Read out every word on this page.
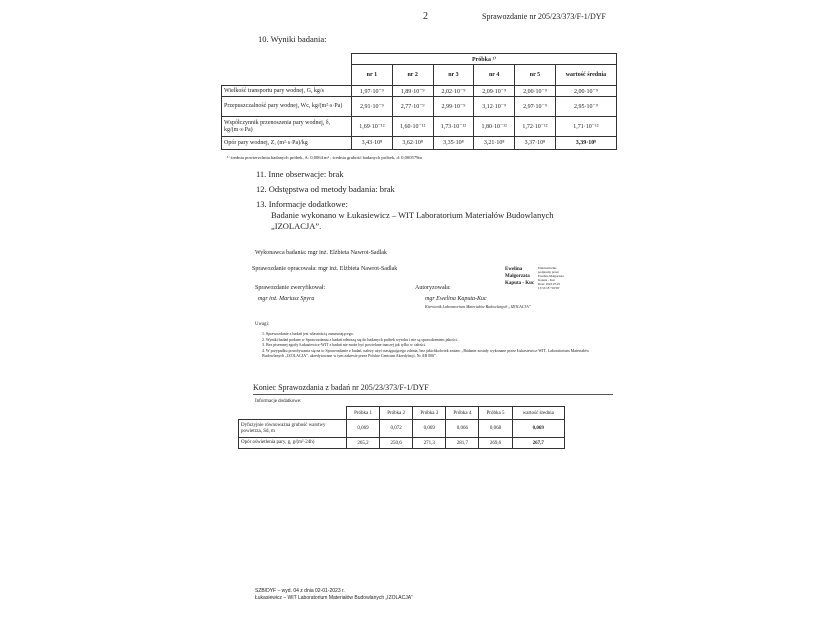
2	Sprawozdanie nr 205/23/373/F-1/DYF
10. Wyniki badania:
	Próbka ¹⁾					
	nr 1	nr 2	nr 3	nr 4	nr 5	wartość średnia
Wielkość transportu pary wodnej, G, kg/s	1,97·10⁻⁹	1,89·10⁻⁹	2,02·10⁻⁹	2,09·10⁻⁹	2,00·10⁻⁹	2,00·10⁻⁹
Przepuszczalność pary wodnej, Wc, kg/(m²·s·Pa)	2,91·10⁻⁹	2,77·10⁻⁹	2,99·10⁻⁹	3,12·10⁻⁹	2,97·10⁻⁹	2,95·10⁻⁹
Współczynnik przenoszenia pary wodnej, δ, kg/(m·s·Pa)	1,69·10⁻¹²	1,60·10⁻¹²	1,73·10⁻¹²	1,80·10⁻¹²	1,72·10⁻¹²	1,71·10⁻¹²
Opór pary wodnej, Z, (m²·s·Pa)/kg	3,43·10⁸	3,62·10⁸	3,35·10⁸	3,21·10⁸	3,37·10⁸	3,39·10⁸
¹⁾ średnia powierzchnia badanych próbek, A: 0,0064 m² ; średnia grubość badanych próbek, d: 0,000579m
11. Inne obserwacje: brak
12. Odstępstwa od metody badania: brak
13. Informacje dodatkowe:
Badanie wykonano w Łukasiewicz – WIT Laboratorium Materiałów Budowlanych
„IZOLACJA”.
Wykonawca badania: mgr inż. Elżbieta Nawrot-Sadlak
Sprawozdanie opracowała: mgr inż. Elżbieta Nawrot-Sadlak	Ewelina
Małgorzata
Kaputa - Kuc
Elektronicznie
podpisany przez
Ewelina Małgorzata
Kaputa - Kuc
Data: 2023.07.25
13:53:18 +02'00'
Sprawozdanie zweryfikował:
mgr inż. Mariusz Spyra
Autoryzowała:
mgr Ewelina Kaputa-Kuc
Kierownik Laboratorium Materiałów Budowlanych „IZOLACJA”
Uwagi:
1. Sprawozdanie z badań jest własnością zamawiającego.
2. Wyniki badań podane w Sprawozdaniu z badań odnoszą się do badanych próbek wyrobu i nie są sprawdzeniem jakości.
3. Bez pisemnej zgody Łukasiewicz-WIT z badań nie może być powielane inaczej jak tylko w całości.
4. W przypadku powoływania się na to Sprawozdanie z badań, należy użyć następującego zdania, bez jakichkolwiek zmian: „Badanie zostały wykonane przez Łukasiewicz-WIT, Laboratorium Materiałów Budowlanych „IZOLACJA”, akredytowane w tym zakresie przez Polskie Centrum Akredytacji, Nr AB 006”.
Koniec Sprawozdania z badań nr 205/23/373/F-1/DYF
Informacje dodatkowe:
	Próbka 1	Próbka 2	Próbka 3	Próbka 4	Próbka 5	wartość średnia
Dyfuzyjnie równoważna grubość warstwy powietrza, Sd, m	0,069	0,072	0,069	0,066	0,068	0,069
Opór oświetlenia pary, g, g/(m²·24h)	265,2	250,6	271,3	281,7	269,6	267,7
SZB/DYF – wyd. 04 z dnia 02-01-2023 r.
Łukasiewicz – WIT Laboratorium Materiałów Budowlanych „IZOLACJA”
